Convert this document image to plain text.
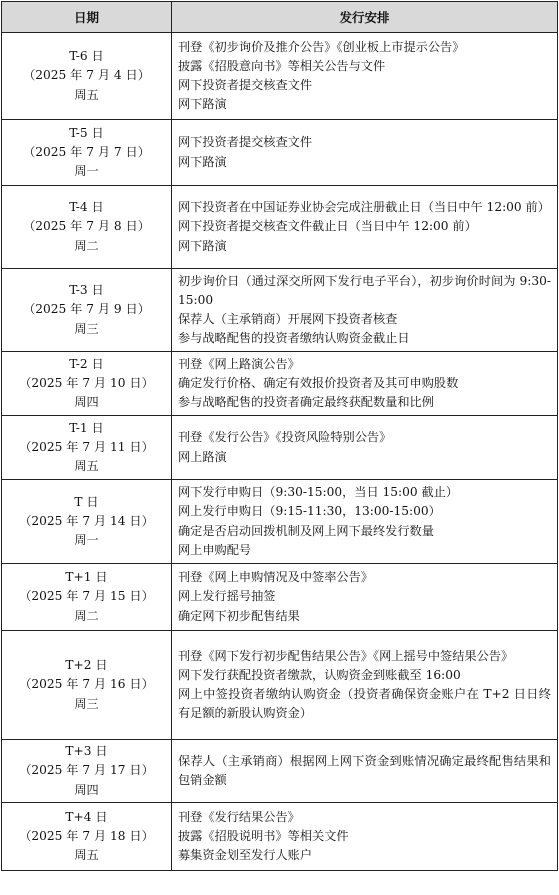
日期	发行安排

T-6 日
（2025 年 7 月 4 日）
周五	刊登《初步询价及推介公告》《创业板上市提示公告》
披露《招股意向书》等相关公告与文件
网下投资者提交核查文件
网下路演

T-5 日
（2025 年 7 月 7 日）
周一	网下投资者提交核查文件
网下路演

T-4 日
（2025 年 7 月 8 日）
周二	网下投资者在中国证券业协会完成注册截止日（当日中午 12:00 前）
网下投资者提交核查文件截止日（当日中午 12:00 前）
网下路演

T-3 日
（2025 年 7 月 9 日）
周三	初步询价日（通过深交所网下发行电子平台），初步询价时间为 9:30-15:00
保荐人（主承销商）开展网下投资者核查
参与战略配售的投资者缴纳认购资金截止日

T-2 日
（2025 年 7 月 10 日）
周四	刊登《网上路演公告》
确定发行价格、确定有效报价投资者及其可申购股数
参与战略配售的投资者确定最终获配数量和比例

T-1 日
（2025 年 7 月 11 日）
周五	刊登《发行公告》《投资风险特别公告》
网上路演

T 日
（2025 年 7 月 14 日）
周一	网下发行申购日（9:30-15:00，当日 15:00 截止）
网上发行申购日（9:15-11:30，13:00-15:00）
确定是否启动回拨机制及网上网下最终发行数量
网上申购配号

T+1 日
（2025 年 7 月 15 日）
周二	刊登《网上申购情况及中签率公告》
网上发行摇号抽签
确定网下初步配售结果

T+2 日
（2025 年 7 月 16 日）
周三	刊登《网下发行初步配售结果公告》《网上摇号中签结果公告》
网下发行获配投资者缴款，认购资金到账截至 16:00
网上中签投资者缴纳认购资金（投资者确保资金账户在 T+2 日日终有足额的新股认购资金）

T+3 日
（2025 年 7 月 17 日）
周四	保荐人（主承销商）根据网上网下资金到账情况确定最终配售结果和包销金额

T+4 日
（2025 年 7 月 18 日）
周五	刊登《发行结果公告》
披露《招股说明书》等相关文件
募集资金划至发行人账户
